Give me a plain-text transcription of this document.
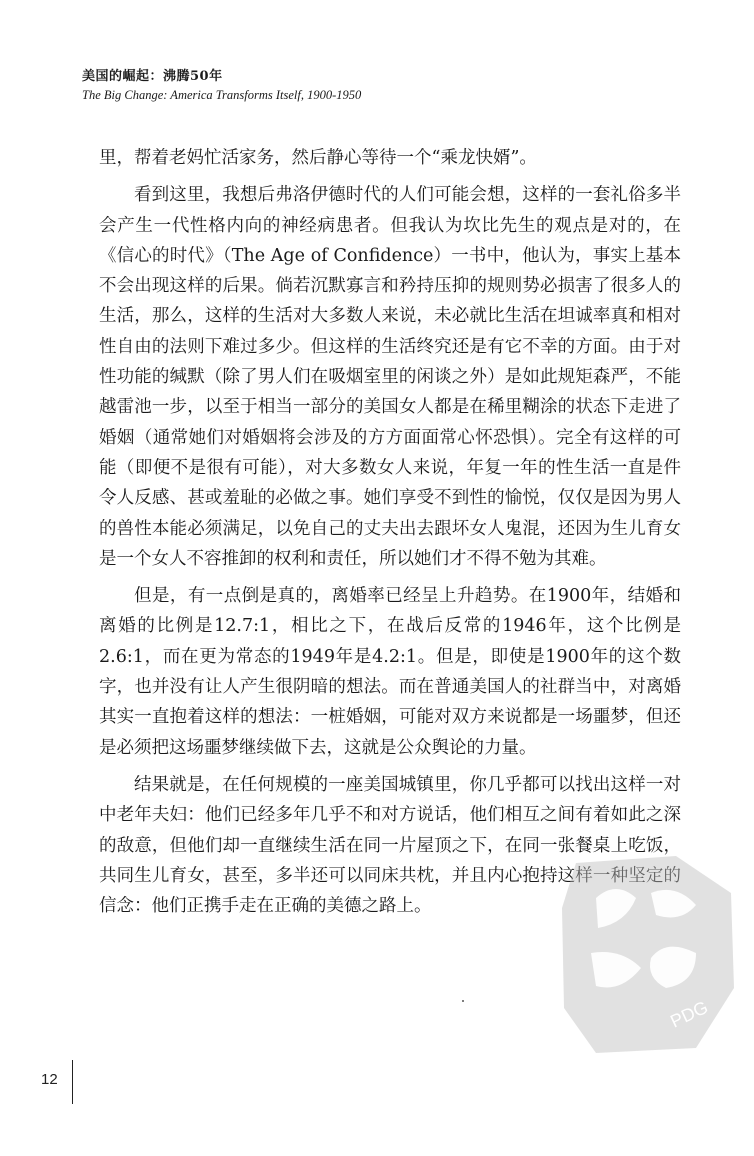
美国的崛起：沸腾50年
The Big Change: America Transforms Itself, 1900-1950

里，帮着老妈忙活家务，然后静心等待一个“乘龙快婿”。

看到这里，我想后弗洛伊德时代的人们可能会想，这样的一套礼俗多半会产生一代性格内向的神经病患者。但我认为坎比先生的观点是对的，在《信心的时代》（The Age of Confidence）一书中，他认为，事实上基本不会出现这样的后果。倘若沉默寡言和矜持压抑的规则势必损害了很多人的生活，那么，这样的生活对大多数人来说，未必就比生活在坦诚率真和相对性自由的法则下难过多少。但这样的生活终究还是有它不幸的方面。由于对性功能的缄默（除了男人们在吸烟室里的闲谈之外）是如此规矩森严，不能越雷池一步，以至于相当一部分的美国女人都是在稀里糊涂的状态下走进了婚姻（通常她们对婚姻将会涉及的方方面面常心怀恐惧）。完全有这样的可能（即便不是很有可能），对大多数女人来说，年复一年的性生活一直是件令人反感、甚或羞耻的必做之事。她们享受不到性的愉悦，仅仅是因为男人的兽性本能必须满足，以免自己的丈夫出去跟坏女人鬼混，还因为生儿育女是一个女人不容推卸的权利和责任，所以她们才不得不勉为其难。

但是，有一点倒是真的，离婚率已经呈上升趋势。在1900年，结婚和离婚的比例是12.7:1，相比之下，在战后反常的1946年，这个比例是2.6:1，而在更为常态的1949年是4.2:1。但是，即使是1900年的这个数字，也并没有让人产生很阴暗的想法。而在普通美国人的社群当中，对离婚其实一直抱着这样的想法：一桩婚姻，可能对双方来说都是一场噩梦，但还是必须把这场噩梦继续做下去，这就是公众舆论的力量。

结果就是，在任何规模的一座美国城镇里，你几乎都可以找出这样一对中老年夫妇：他们已经多年几乎不和对方说话，他们相互之间有着如此之深的敌意，但他们却一直继续生活在同一片屋顶之下，在同一张餐桌上吃饭，共同生儿育女，甚至，多半还可以同床共枕，并且内心抱持这样一种坚定的信念：他们正携手走在正确的美德之路上。

PDG
12
